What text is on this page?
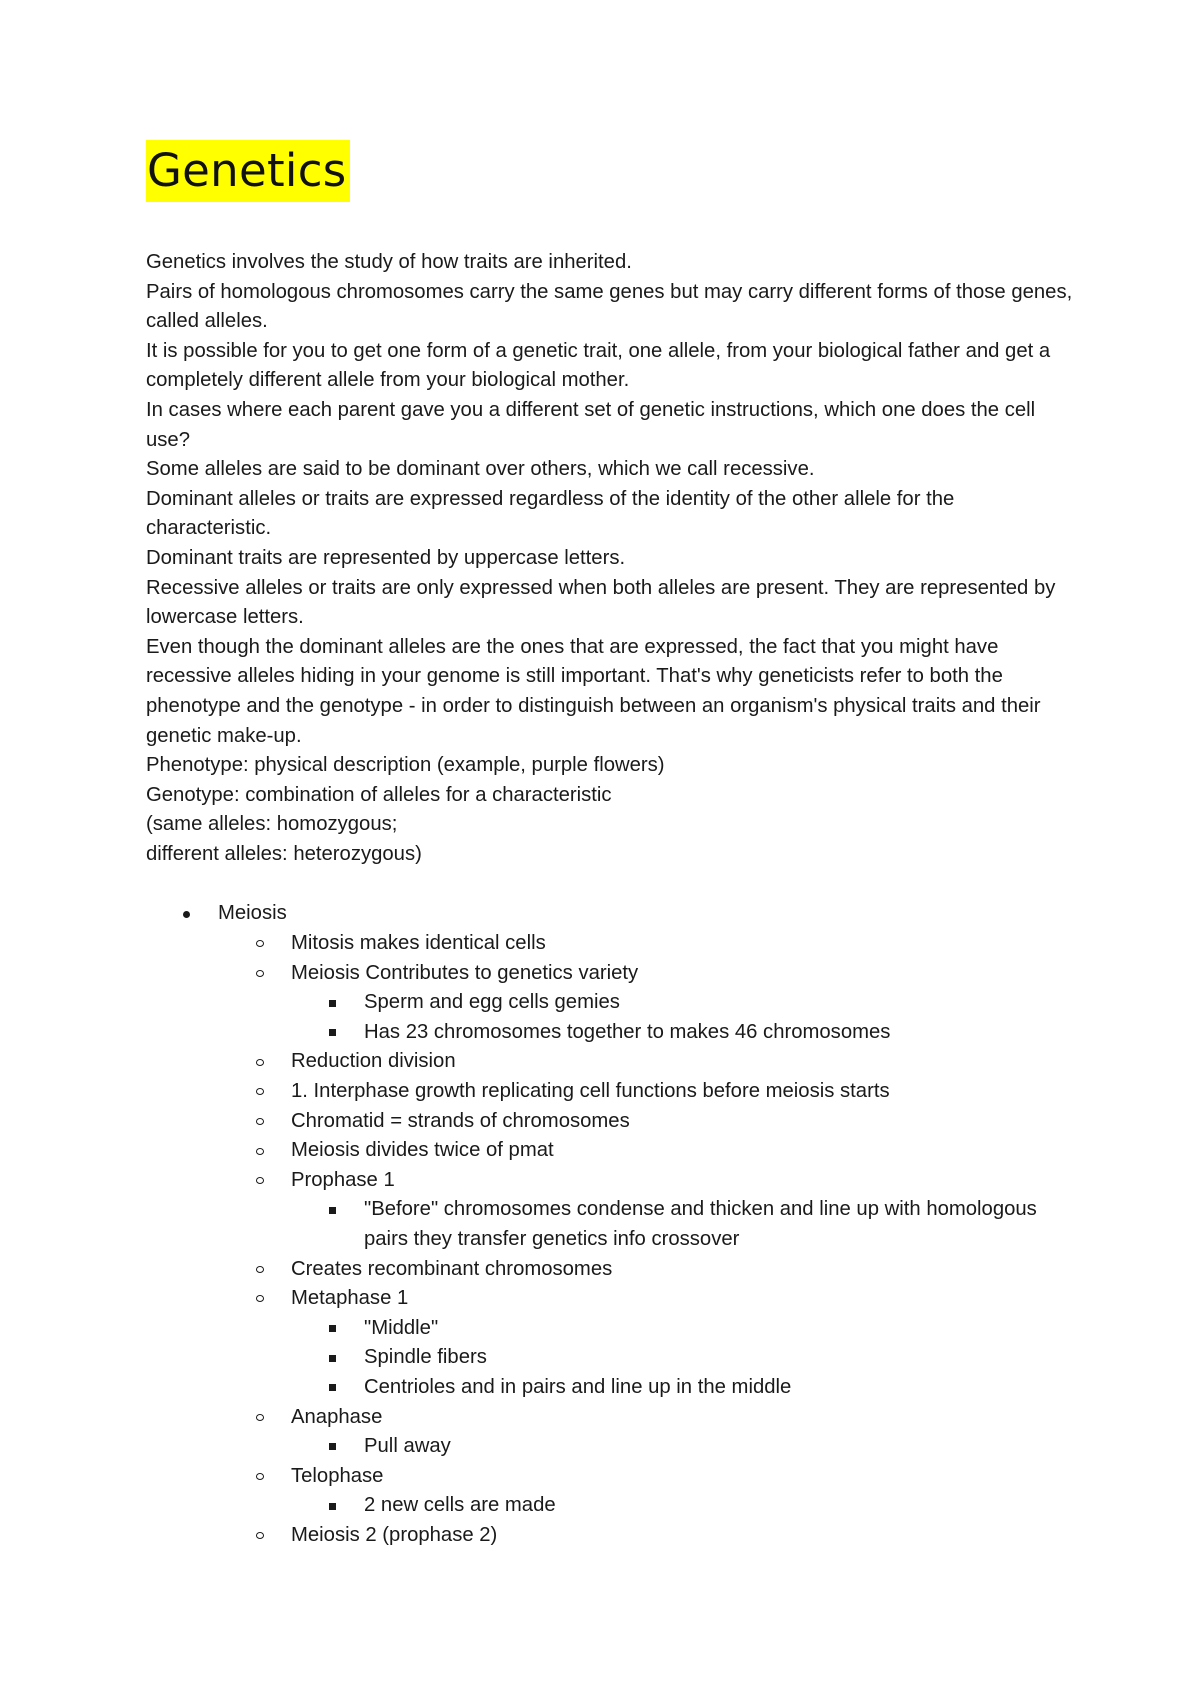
Genetics

Genetics involves the study of how traits are inherited.

Pairs of homologous chromosomes carry the same genes but may carry different forms of those genes, called alleles.

It is possible for you to get one form of a genetic trait, one allele, from your biological father and get a completely different allele from your biological mother.

In cases where each parent gave you a different set of genetic instructions, which one does the cell use?

Some alleles are said to be dominant over others, which we call recessive.

Dominant alleles or traits are expressed regardless of the identity of the other allele for the characteristic.

Dominant traits are represented by uppercase letters.

Recessive alleles or traits are only expressed when both alleles are present. They are represented by lowercase letters.

Even though the dominant alleles are the ones that are expressed, the fact that you might have recessive alleles hiding in your genome is still important. That's why geneticists refer to both the phenotype and the genotype - in order to distinguish between an organism's physical traits and their genetic make-up.

Phenotype: physical description (example, purple flowers)

Genotype: combination of alleles for a characteristic

(same alleles: homozygous;

different alleles: heterozygous)

Meiosis
Mitosis makes identical cells
Meiosis Contributes to genetics variety
Sperm and egg cells gemies
Has 23 chromosomes together to makes 46 chromosomes
Reduction division
1. Interphase growth replicating cell functions before meiosis starts
Chromatid = strands of chromosomes
Meiosis divides twice of pmat
Prophase 1
"Before" chromosomes condense and thicken and line up with homologous pairs they transfer genetics info crossover
Creates recombinant chromosomes
Metaphase 1
"Middle"
Spindle fibers
Centrioles and in pairs and line up in the middle
Anaphase
Pull away
Telophase
2 new cells are made
Meiosis 2 (prophase 2)
